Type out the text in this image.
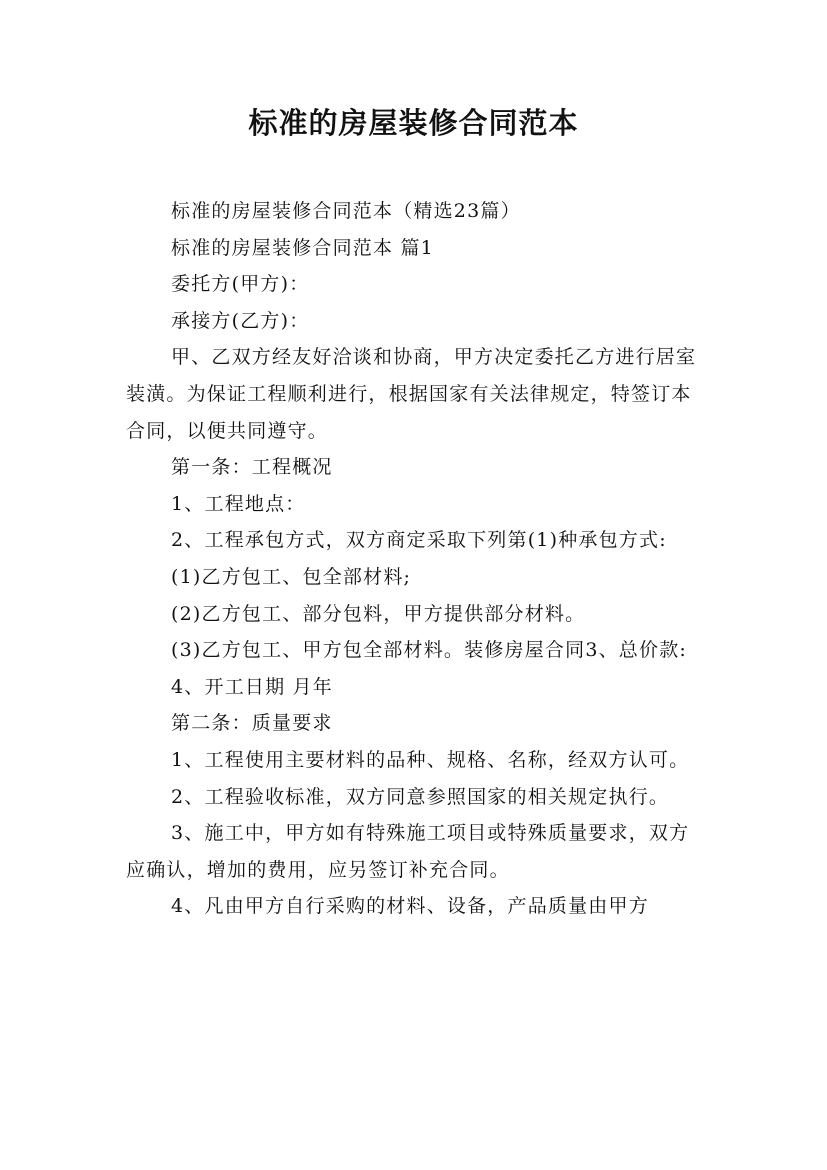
标准的房屋装修合同范本

标准的房屋装修合同范本（精选23篇）

标准的房屋装修合同范本 篇1

委托方(甲方)：

承接方(乙方)：

甲、乙双方经友好洽谈和协商，甲方决定委托乙方进行居室装潢。为保证工程顺利进行，根据国家有关法律规定，特签订本合同，以便共同遵守。

第一条：工程概况

1、工程地点：

2、工程承包方式，双方商定采取下列第(1)种承包方式:

(1)乙方包工、包全部材料;

(2)乙方包工、部分包料，甲方提供部分材料。

(3)乙方包工、甲方包全部材料。装修房屋合同3、总价款:

4、开工日期 月年

第二条：质量要求

1、工程使用主要材料的品种、规格、名称，经双方认可。

2、工程验收标准，双方同意参照国家的相关规定执行。

3、施工中，甲方如有特殊施工项目或特殊质量要求，双方应确认，增加的费用，应另签订补充合同。

4、凡由甲方自行采购的材料、设备，产品质量由甲方
